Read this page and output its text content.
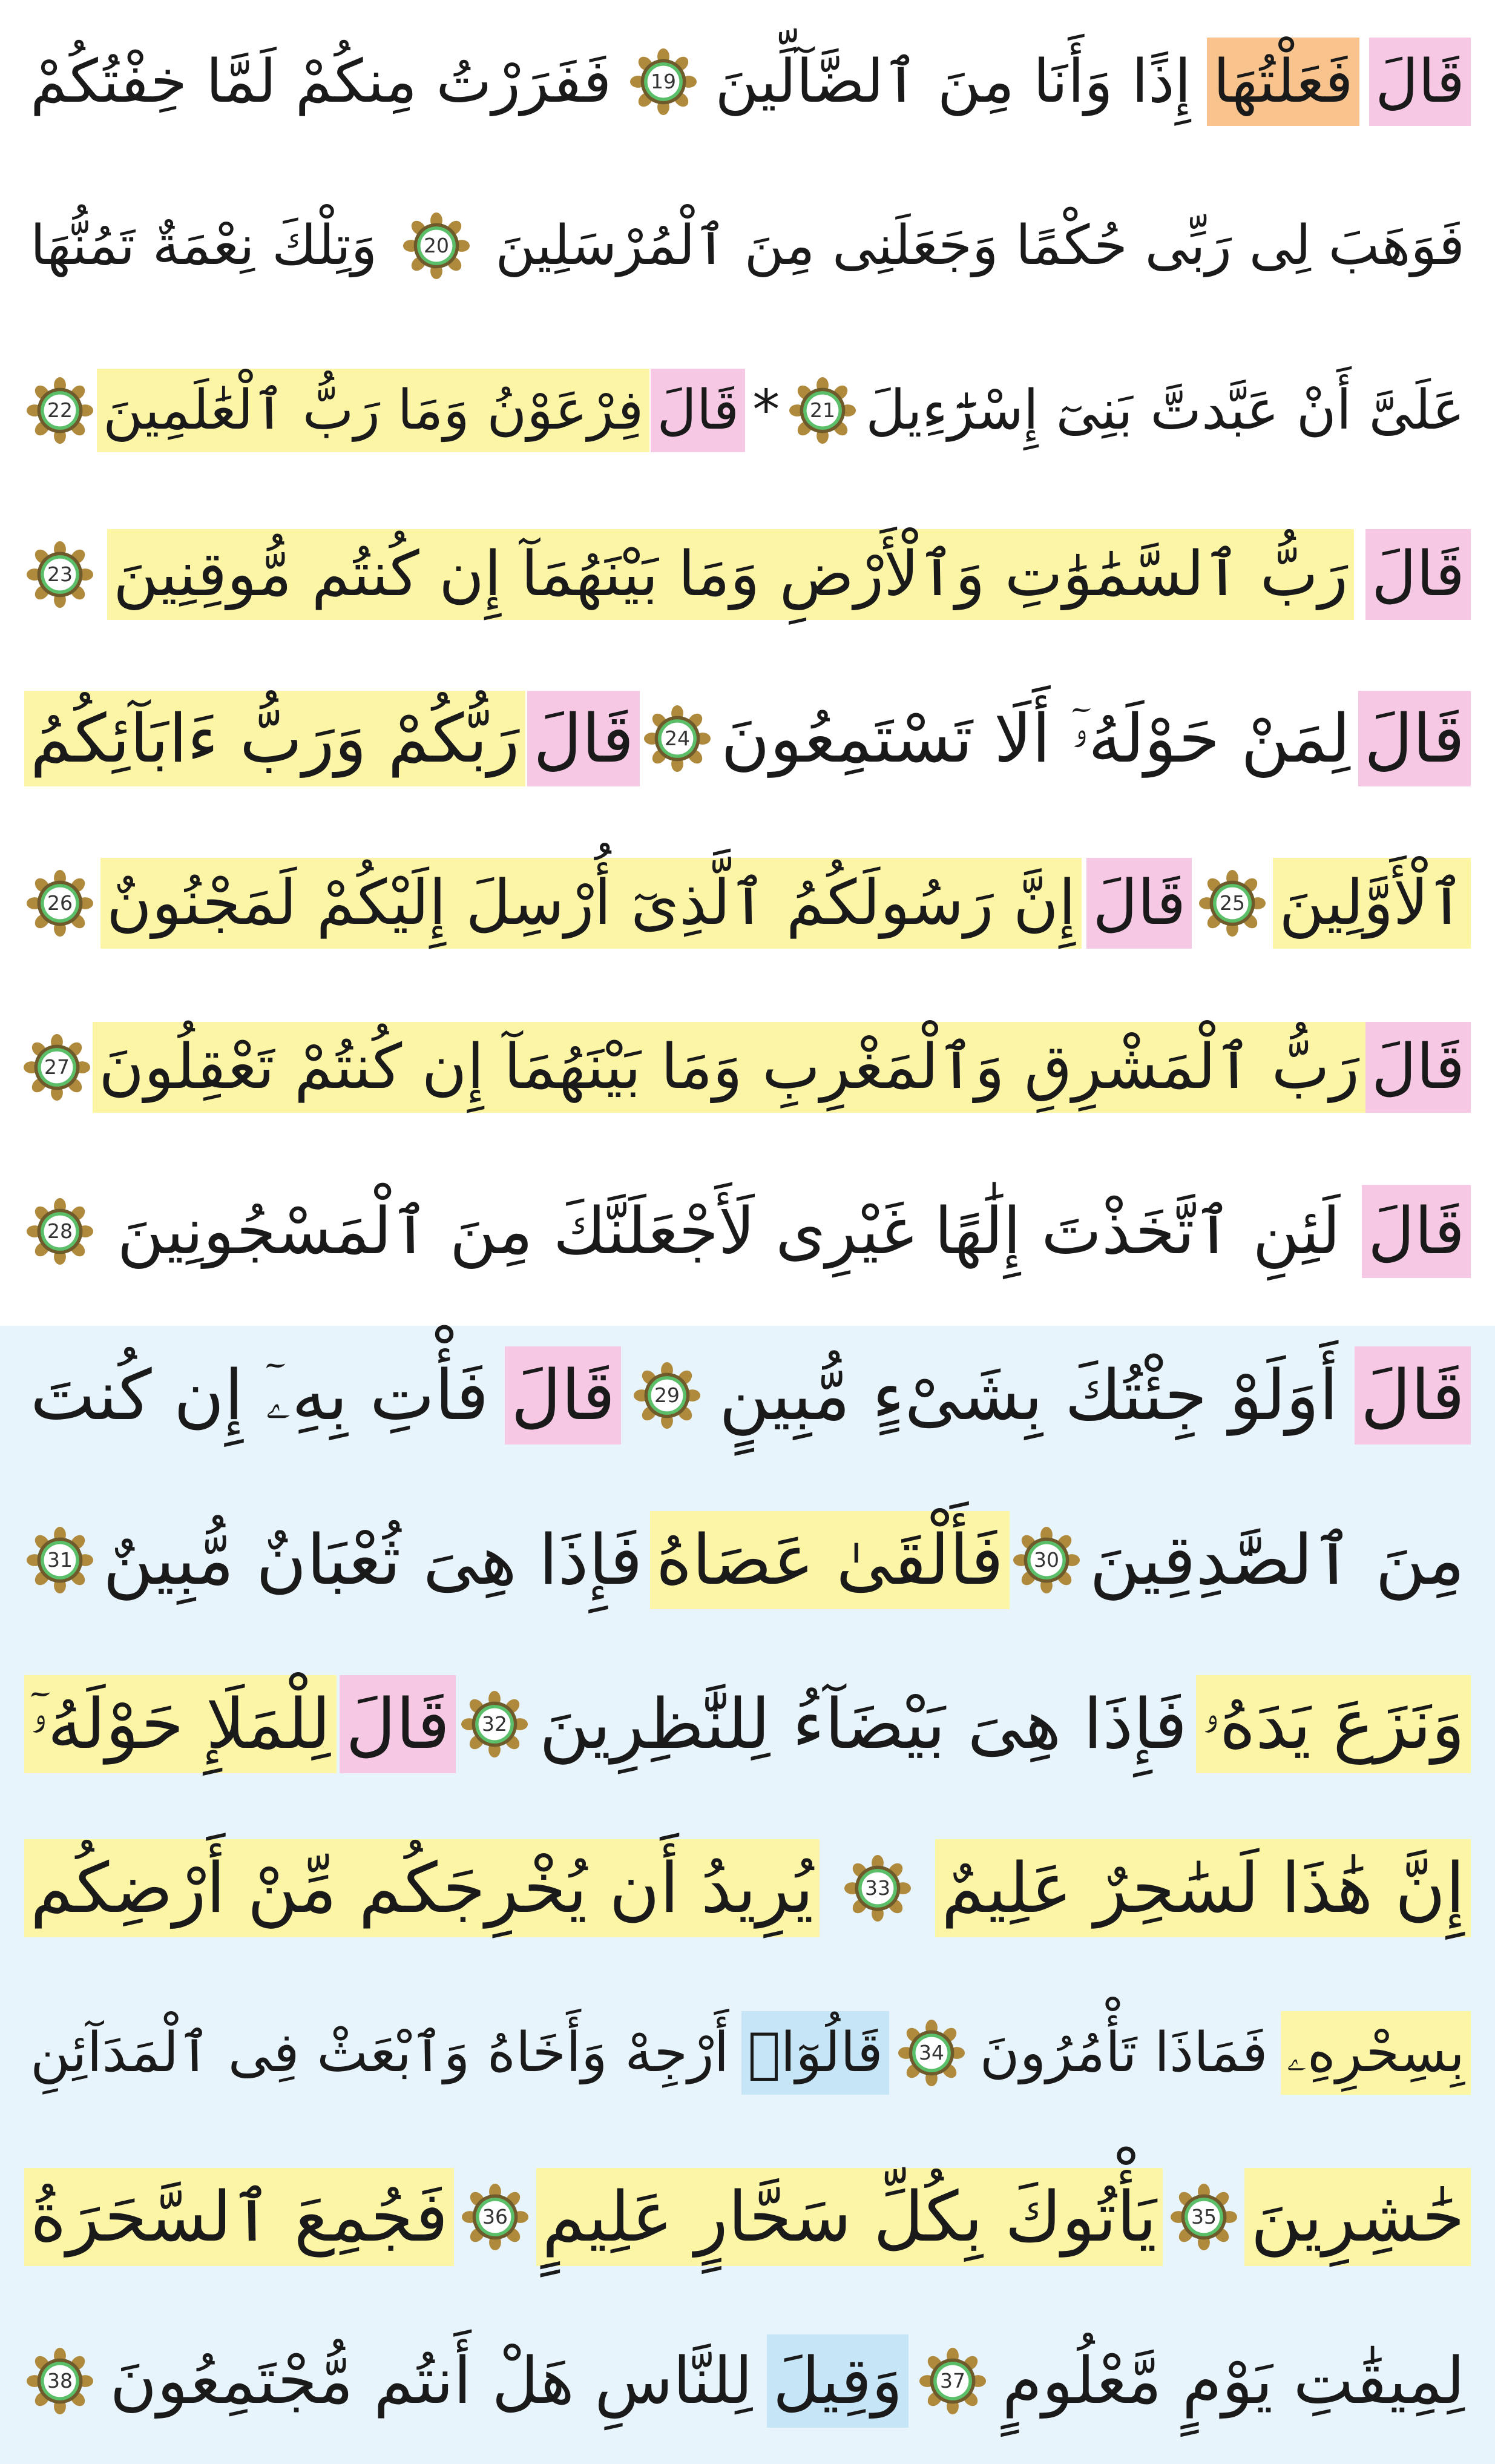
قَالَ
فَعَلْتُهَا
إِذًا وَأَنَا مِنَ ٱلضَّآلِّينَ
19
فَفَرَرْتُ مِنكُمْ لَمَّا خِفْتُكُمْ
فَوَهَبَ لِى رَبِّى حُكْمًا وَجَعَلَنِى مِنَ ٱلْمُرْسَلِينَ
20
وَتِلْكَ نِعْمَةٌ تَمُنُّهَا
عَلَىَّ أَنْ عَبَّدتَّ بَنِىٓ إِسْرَٰٓءِيلَ
21
*
قَالَ
فِرْعَوْنُ وَمَا رَبُّ ٱلْعَٰلَمِينَ
22
قَالَ
رَبُّ ٱلسَّمَٰوَٰتِ وَٱلْأَرْضِ وَمَا بَيْنَهُمَآ إِن كُنتُم مُّوقِنِينَ
23
قَالَ
لِمَنْ حَوْلَهُۥٓ أَلَا تَسْتَمِعُونَ
24
قَالَ
رَبُّكُمْ وَرَبُّ ءَابَآئِكُمُ
ٱلْأَوَّلِينَ
25
قَالَ
إِنَّ رَسُولَكُمُ ٱلَّذِىٓ أُرْسِلَ إِلَيْكُمْ لَمَجْنُونٌ
26
قَالَ
رَبُّ ٱلْمَشْرِقِ وَٱلْمَغْرِبِ وَمَا بَيْنَهُمَآ إِن كُنتُمْ تَعْقِلُونَ
27
قَالَ
لَئِنِ ٱتَّخَذْتَ إِلَٰهًا غَيْرِى لَأَجْعَلَنَّكَ مِنَ ٱلْمَسْجُونِينَ
28
قَالَ
أَوَلَوْ جِئْتُكَ بِشَىْءٍ مُّبِينٍ
29
قَالَ
فَأْتِ بِهِۦٓ إِن كُنتَ
مِنَ ٱلصَّٰدِقِينَ
30
فَأَلْقَىٰ عَصَاهُ
فَإِذَا هِىَ ثُعْبَانٌ مُّبِينٌ
31
وَنَزَعَ يَدَهُۥ
فَإِذَا هِىَ بَيْضَآءُ لِلنَّٰظِرِينَ
32
قَالَ
لِلْمَلَإِ حَوْلَهُۥٓ
إِنَّ هَٰذَا لَسَٰحِرٌ عَلِيمٌ
33
يُرِيدُ أَن يُخْرِجَكُم مِّنْ أَرْضِكُم
بِسِحْرِهِۦ
فَمَاذَا تَأْمُرُونَ
34
قَالُوٓا۟
أَرْجِهْ وَأَخَاهُ وَٱبْعَثْ فِى ٱلْمَدَآئِنِ
حَٰشِرِينَ
35
يَأْتُوكَ بِكُلِّ سَحَّارٍ عَلِيمٍ
36
فَجُمِعَ ٱلسَّحَرَةُ
لِمِيقَٰتِ يَوْمٍ مَّعْلُومٍ
37
وَقِيلَ
لِلنَّاسِ هَلْ أَنتُم مُّجْتَمِعُونَ
38
